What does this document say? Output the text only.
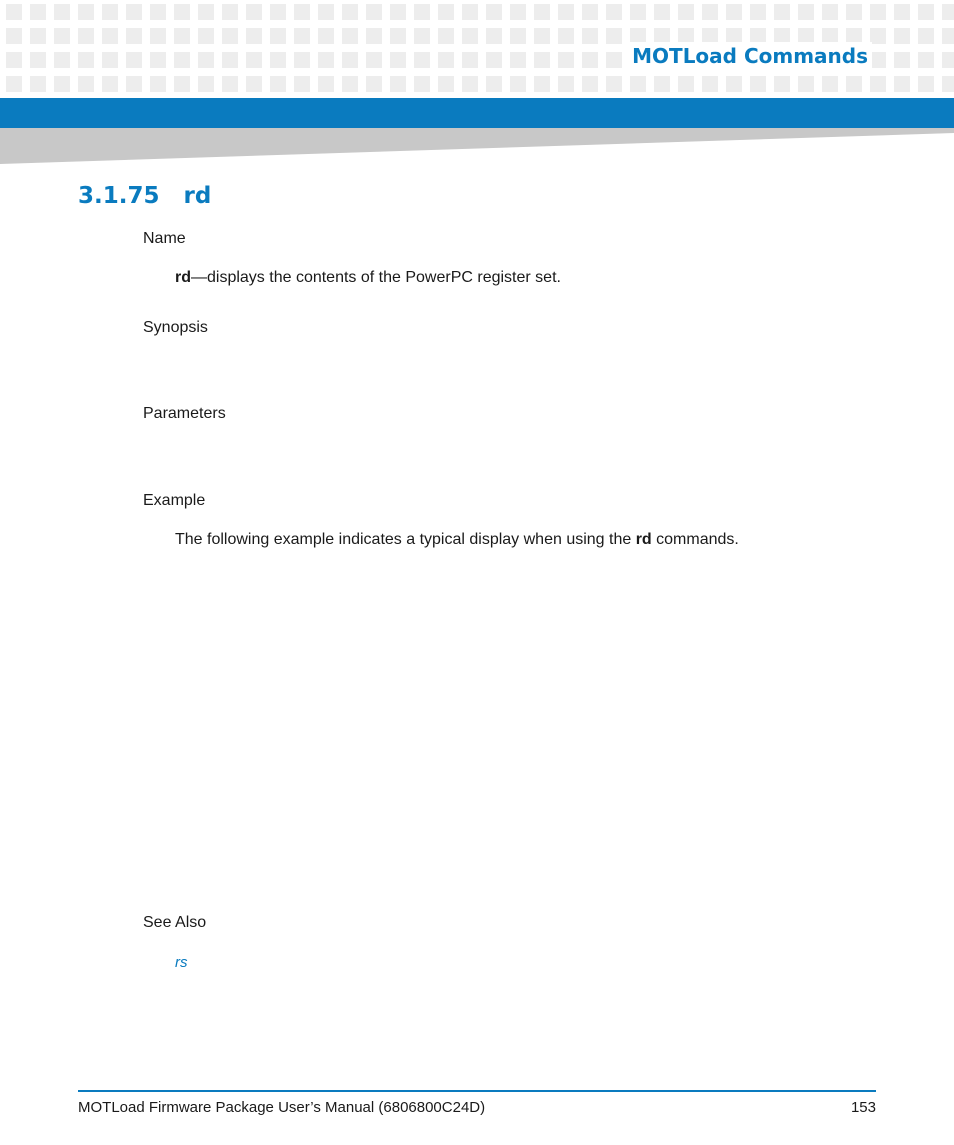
MOTLoad Commands
3.1.75 rd
Name
rd—displays the contents of the PowerPC register set.
Synopsis
Parameters
Example
The following example indicates a typical display when using the rd commands.
See Also
rs
MOTLoad Firmware Package User’s Manual (6806800C24D)	153
